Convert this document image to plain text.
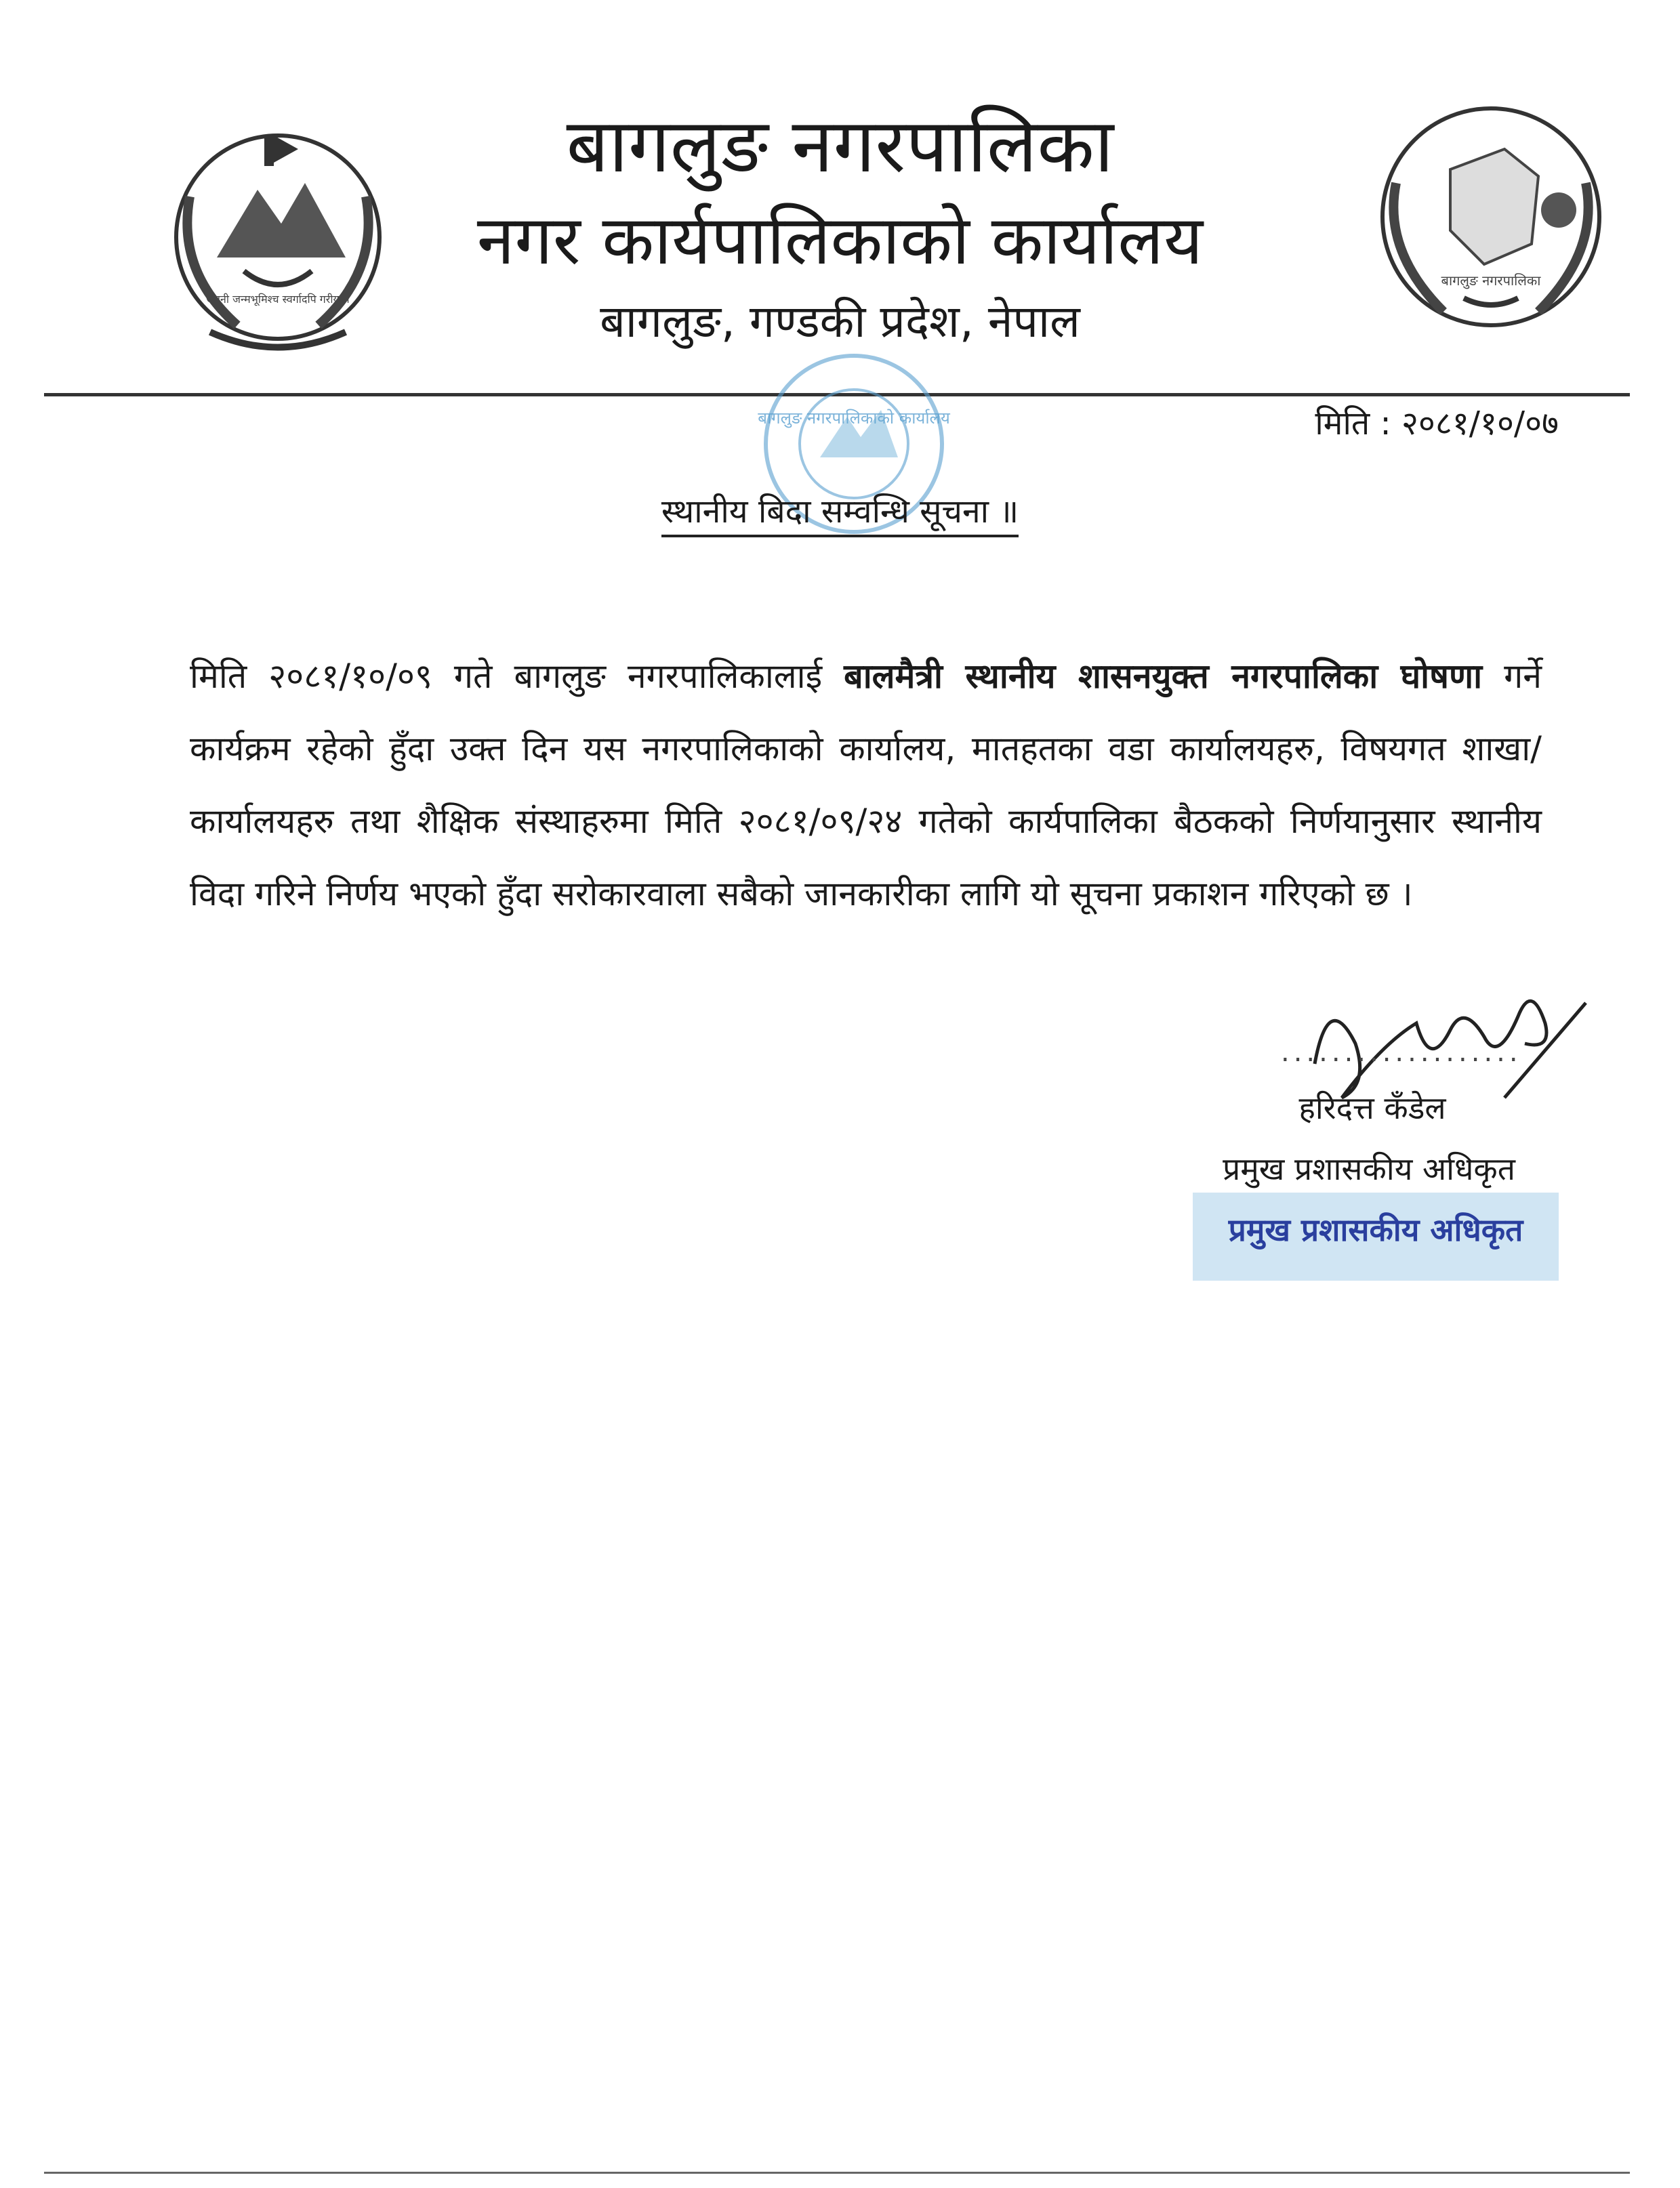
जननी जन्मभूमिश्च स्वर्गादपि गरीयसी
बागलुङ नगरपालिका
बागलुङ नगरपालिका
नगर कार्यपालिकाको कार्यालय
बागलुङ, गण्डकी प्रदेश, नेपाल
बागलुङ नगरपालिकाको कार्यालय	मिति : २०८१/१०/०७
स्थानीय बिदा सम्वन्धि सूचना ॥
मिति २०८१/१०/०९ गते बागलुङ नगरपालिकालाई बालमैत्री स्थानीय शासनयुक्त नगरपालिका घोषणा गर्ने कार्यक्रम रहेको हुँदा उक्त दिन यस नगरपालिकाको कार्यालय, मातहतका वडा कार्यालयहरु, विषयगत शाखा/कार्यालयहरु तथा शैक्षिक संस्थाहरुमा मिति २०८१/०९/२४ गतेको कार्यपालिका बैठकको निर्णयानुसार स्थानीय विदा गरिने निर्णय भएको हुँदा सरोकारवाला सबैको जानकारीका लागि यो सूचना प्रकाशन गरिएको छ ।
...................
हरिदत्त कँडेल
प्रमुख प्रशासकीय अधिकृत
प्रमुख प्रशासकीय अधिकृत
